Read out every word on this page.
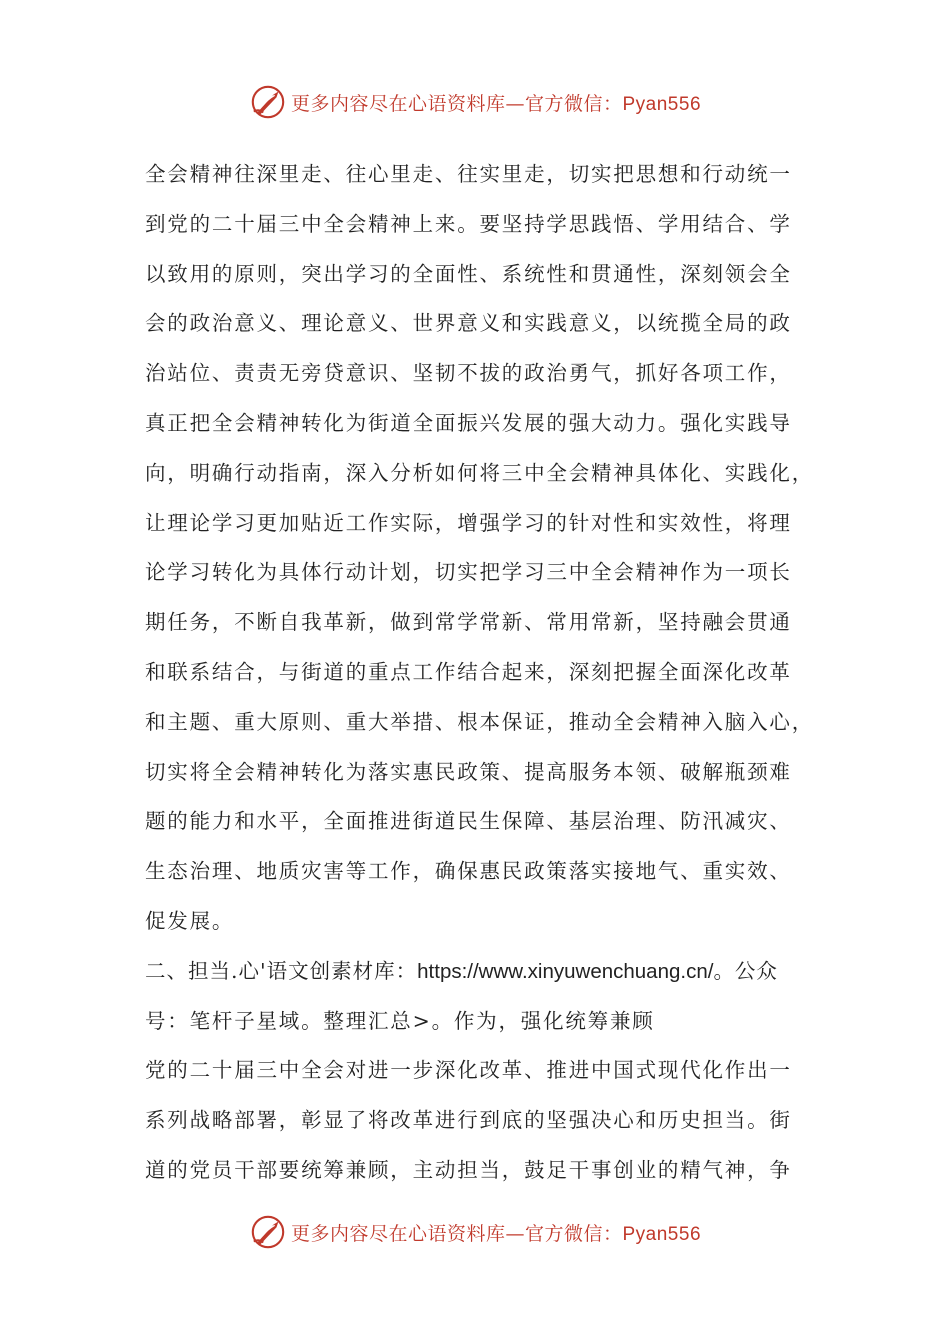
更多内容尽在心语资料库—官方微信：Pyan556
全会精神往深里走、往心里走、往实里走，切实把思想和行动统一
到党的二十届三中全会精神上来。要坚持学思践悟、学用结合、学
以致用的原则，突出学习的全面性、系统性和贯通性，深刻领会全
会的政治意义、理论意义、世界意义和实践意义，以统揽全局的政
治站位、责责无旁贷意识、坚韧不拔的政治勇气，抓好各项工作，
真正把全会精神转化为街道全面振兴发展的强大动力。强化实践导
向，明确行动指南，深入分析如何将三中全会精神具体化、实践化，
让理论学习更加贴近工作实际，增强学习的针对性和实效性，将理
论学习转化为具体行动计划，切实把学习三中全会精神作为一项长
期任务，不断自我革新，做到常学常新、常用常新，坚持融会贯通
和联系结合，与街道的重点工作结合起来，深刻把握全面深化改革
和主题、重大原则、重大举措、根本保证，推动全会精神入脑入心，
切实将全会精神转化为落实惠民政策、提高服务本领、破解瓶颈难
题的能力和水平，全面推进街道民生保障、基层治理、防汛减灾、
生态治理、地质灾害等工作，确保惠民政策落实接地气、重实效、
促发展。
二、担当.心'语文创素材库：https://www.xinyuwenchuang.cn/。公众
号：笔杆子星域。整理汇总>。作为，强化统筹兼顾
党的二十届三中全会对进一步深化改革、推进中国式现代化作出一
系列战略部署，彰显了将改革进行到底的坚强决心和历史担当。街
道的党员干部要统筹兼顾，主动担当，鼓足干事创业的精气神，争
更多内容尽在心语资料库—官方微信：Pyan556
